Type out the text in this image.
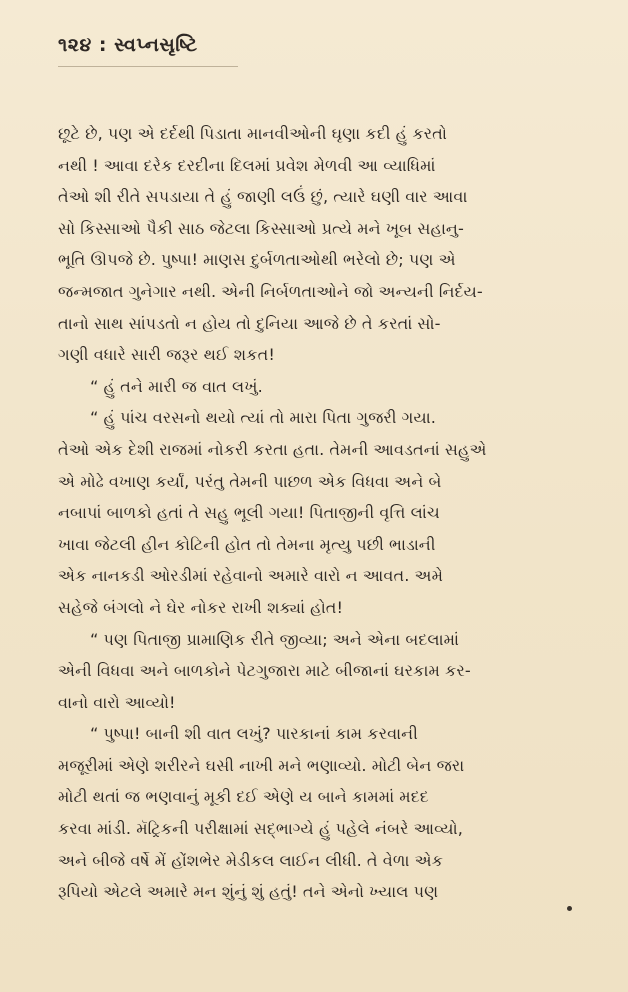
૧૨૪ : સ્વપ્નસૃષ્ટિ

છૂટે છે, પણ એ દર્દથી પિડાતા માનવીઓની ઘૃણા કદી હું કરતો
નથી ! આવા દરેક દરદીના દિલમાં પ્રવેશ મેળવી આ વ્યાધિમાં
તેઓ શી રીતે સપડાયા તે હું જાણી લઉં છું, ત્યારે ઘણી વાર આવા
સો કિસ્સાઓ પૈકી સાઠ જેટલા કિસ્સાઓ પ્રત્યે મને ખૂબ સહાનુ-
ભૂતિ ઊપજે છે. પુષ્પા! માણસ દુર્બળતાઓથી ભરેલો છે; પણ એ
જન્મજાત ગુનેગાર નથી. એની નિર્બળતાઓને જો અન્યની નિર્દય-
તાનો સાથ સાંપડતો ન હોય તો દુનિયા આજે છે તે કરતાં સો-
ગણી વધારે સારી જરૂર થઈ શકત!

“ હું તને મારી જ વાત લખું.

“ હું પાંચ વરસનો થયો ત્યાં તો મારા પિતા ગુજરી ગયા.
તેઓ એક દેશી રાજમાં નોકરી કરતા હતા. તેમની આવડતનાં સહુએ
એ મોઢે વખાણ કર્યાં, પરંતુ તેમની પાછળ એક વિધવા અને બે
નબાપાં બાળકો હતાં તે સહુ ભૂલી ગયા! પિતાજીની વૃત્તિ લાંચ
ખાવા જેટલી હીન કોટિની હોત તો તેમના મૃત્યુ પછી ભાડાની
એક નાનકડી ઓરડીમાં રહેવાનો અમારે વારો ન આવત. અમે
સહેજે બંગલો ને ઘેર નોકર રાખી શક્યાં હોત!

“ પણ પિતાજી પ્રામાણિક રીતે જીવ્યા; અને એના બદલામાં
એની વિધવા અને બાળકોને પેટગુજારા માટે બીજાનાં ઘરકામ કર-
વાનો વારો આવ્યો!

“ પુષ્પા! બાની શી વાત લખું? પારકાનાં કામ કરવાની
મજૂરીમાં એણે શરીરને ઘસી નાખી મને ભણાવ્યો. મોટી બેન જરા
મોટી થતાં જ ભણવાનું મૂકી દઈ એણે ય બાને કામમાં મદદ
કરવા માંડી. મૅટ્રિકની પરીક્ષામાં સદ્‌ભાગ્યે હું પહેલે નંબરે આવ્યો,
અને બીજે વર્ષે મેં હોંશભેર મેડીકલ લાઈન લીધી. તે વેળા એક
રૂપિયો એટલે અમારે મન શુંનું શું હતું! તને એનો ખ્યાલ પણ
